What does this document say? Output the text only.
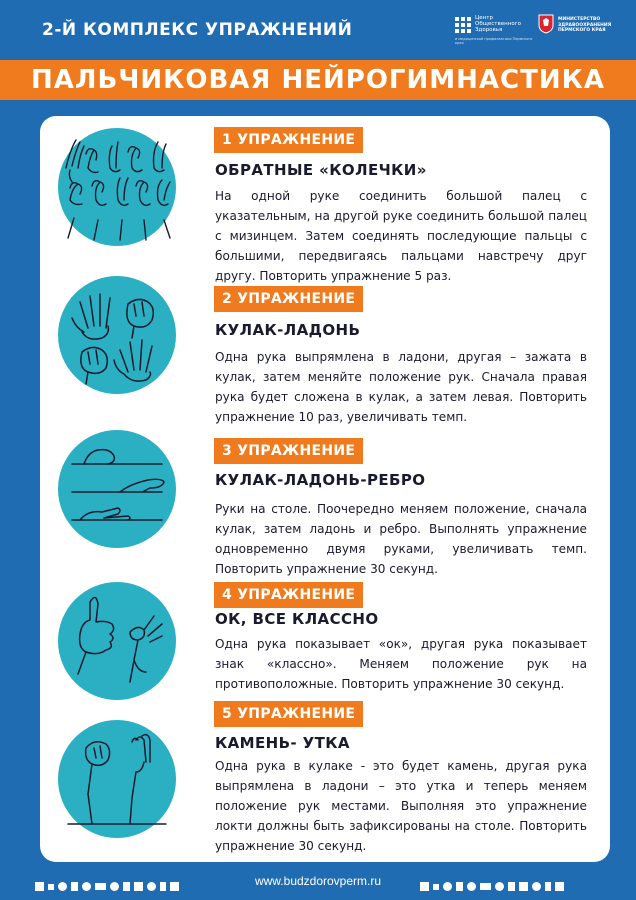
2-Й КОМПЛЕКС УПРАЖНЕНИЙ
Центр Общественного Здоровья
и медицинской профилактики Пермского края
МИНИСТЕРСТВО ЗДРАВООХРАНЕНИЯ ПЕРМСКОГО КРАЯ
ПАЛЬЧИКОВАЯ НЕЙРОГИМНАСТИКА
1 УПРАЖНЕНИЕ
ОБРАТНЫЕ «КОЛЕЧКИ»
На одной руке соединить большой палец с указательным, на другой руке соединить большой палец с мизинцем. Затем соединять последующие пальцы с большими, передвигаясь пальцами навстречу друг другу. Повторить упражнение 5 раз.
2 УПРАЖНЕНИЕ
КУЛАК-ЛАДОНЬ
Одна рука выпрямлена в ладони, другая – зажата в кулак, затем меняйте положение рук. Сначала правая рука будет сложена в кулак, а затем левая. Повторить упражнение 10 раз, увеличивать темп.
3 УПРАЖНЕНИЕ
КУЛАК-ЛАДОНЬ-РЕБРО
Руки на столе. Поочередно меняем положение, сначала кулак, затем ладонь и ребро. Выполнять упражнение одновременно двумя руками, увеличивать темп. Повторить упражнение 30 секунд.
4 УПРАЖНЕНИЕ
ОК, ВСЕ КЛАССНО
Одна рука показывает «ок», другая рука показывает знак «классно». Меняем положение рук на противоположные. Повторить упражнение 30 секунд.
5 УПРАЖНЕНИЕ
КАМЕНЬ- УТКА
Одна рука в кулаке - это будет камень, другая рука выпрямлена в ладони – это утка и теперь меняем положение рук местами. Выполняя это упражнение локти должны быть зафиксированы на столе. Повторить упражнение 30 секунд.
www.budzdorovperm.ru
